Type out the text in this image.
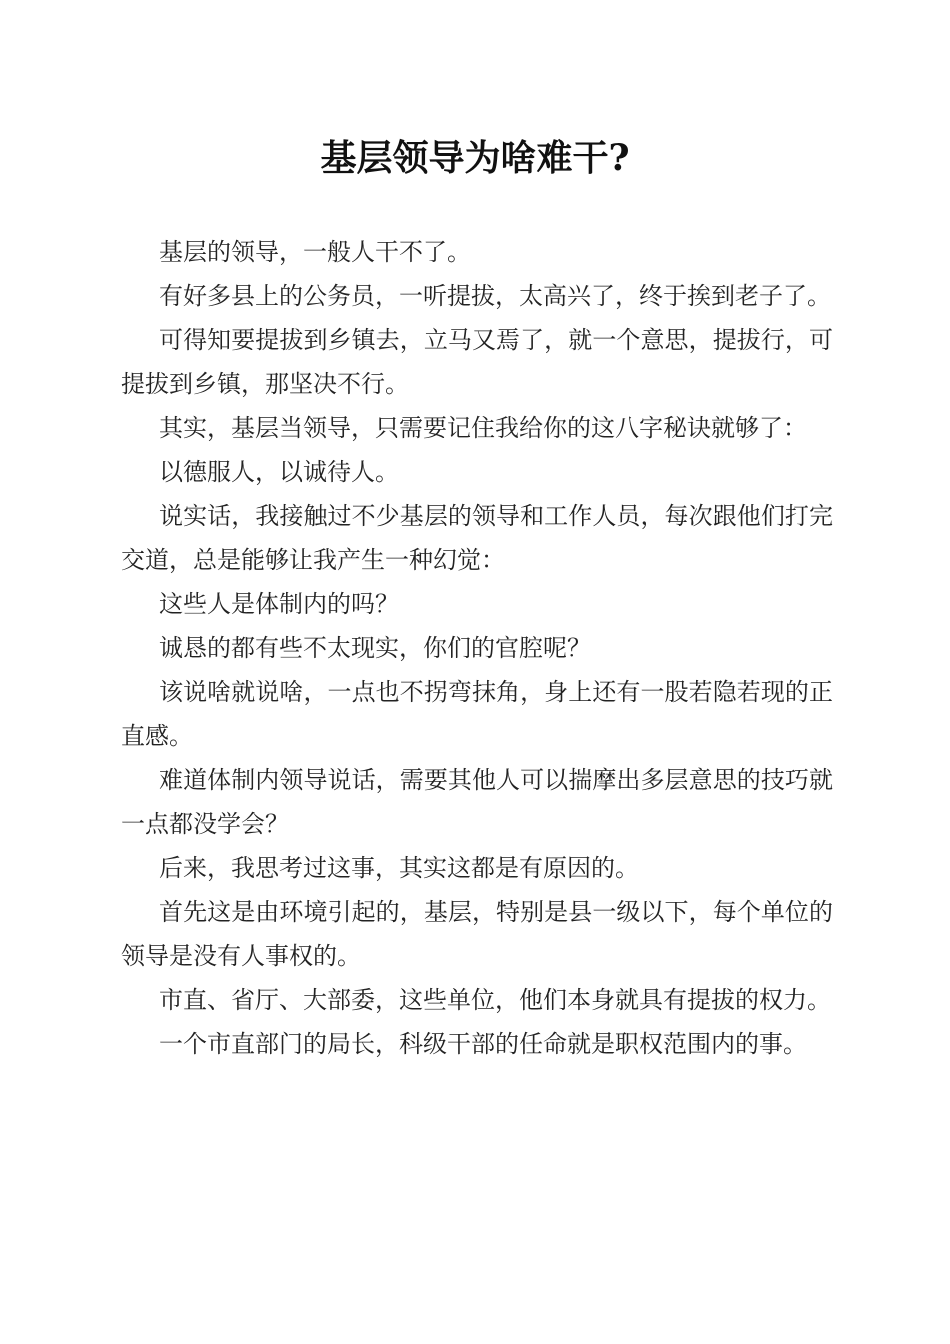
基层领导为啥难干?

基层的领导，一般人干不了。

有好多县上的公务员，一听提拔，太高兴了，终于挨到老子了。

可得知要提拔到乡镇去，立马又焉了，就一个意思，提拔行，可提拔到乡镇，那坚决不行。

其实，基层当领导，只需要记住我给你的这八字秘诀就够了：

以德服人，以诚待人。

说实话，我接触过不少基层的领导和工作人员，每次跟他们打完交道，总是能够让我产生一种幻觉：

这些人是体制内的吗？

诚恳的都有些不太现实，你们的官腔呢？

该说啥就说啥，一点也不拐弯抹角，身上还有一股若隐若现的正直感。

难道体制内领导说话，需要其他人可以揣摩出多层意思的技巧就一点都没学会？

后来，我思考过这事，其实这都是有原因的。

首先这是由环境引起的，基层，特别是县一级以下，每个单位的领导是没有人事权的。

市直、省厅、大部委，这些单位，他们本身就具有提拔的权力。

一个市直部门的局长，科级干部的任命就是职权范围内的事。
